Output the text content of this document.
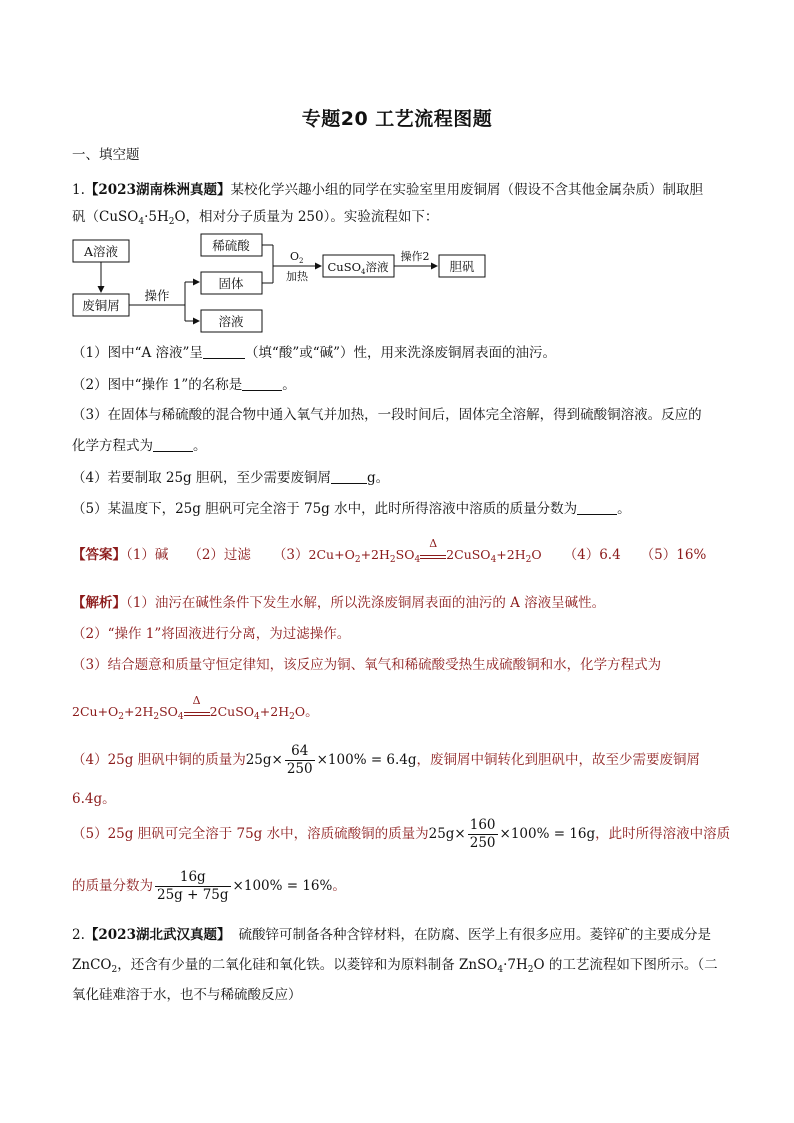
专题20 工艺流程图题
一、填空题
1.【2023湖南株洲真题】某校化学兴趣小组的同学在实验室里用废铜屑（假设不含其他金属杂质）制取胆
矾（$CuSO_4\cdot 5H_2O$，相对分子质量为 250）。实验流程如下：
A溶液
废铜屑
操作
稀硫酸
固体
溶液
$O_2$
加热
CuSO$_4$溶液
操作2
胆矾
（1）图中“A 溶液”呈	（填“酸”或“碱”）性，用来洗涤废铜屑表面的油污。
（2）图中“操作 1”的名称是	。
（3）在固体与稀硫酸的混合物中通入氧气并加热，一段时间后，固体完全溶解，得到硫酸铜溶液。反应的
化学方程式为	。
（4）若要制取 25g 胆矾，至少需要废铜屑	g。
（5）某温度下，25g 胆矾可完全溶于 75g 水中，此时所得溶液中溶质的质量分数为	。
【答案】（1）碱 （2）过滤 $(3)2Cu+O_2+2H_2SO_4$
Δ
$2CuSO_4+2H_2O$ （4）6.4 （5）16%
【解析】（1）油污在碱性条件下发生水解，所以洗涤废铜屑表面的油污的 A 溶液呈碱性。
（2）“操作 1”将固液进行分离，为过滤操作。
（3）结合题意和质量守恒定律知，该反应为铜、氧气和稀硫酸受热生成硫酸铜和水，化学方程式为
$2Cu+O_2+2H_2SO_4$
Δ
$2CuSO_4+2H_2O$。
（4）25g 胆矾中铜的质量为$25g\times \frac{64}{250} \times 100\% = 6.4g$，废铜屑中铜转化到胆矾中，故至少需要废铜屑
6.4g。
（5）25g 胆矾可完全溶于 75g 水中，溶质硫酸铜的质量为$25g\times \frac{160}{250} \times 100\% = 16g$，此时所得溶液中溶质
的质量分数为 $\frac{16g}{25g + 75g} \times 100\% = 16\%$。
2.【2023湖北武汉真题】 硫酸锌可制备各种含锌材料，在防腐、医学上有很多应用。菱锌矿的主要成分是
ZnCO$_2$，还含有少量的二氧化硅和氧化铁。以菱锌和为原料制备 $ZnSO_4\cdot 7H_2O$ 的工艺流程如下图所示。（二
氧化硅难溶于水，也不与稀硫酸反应）
